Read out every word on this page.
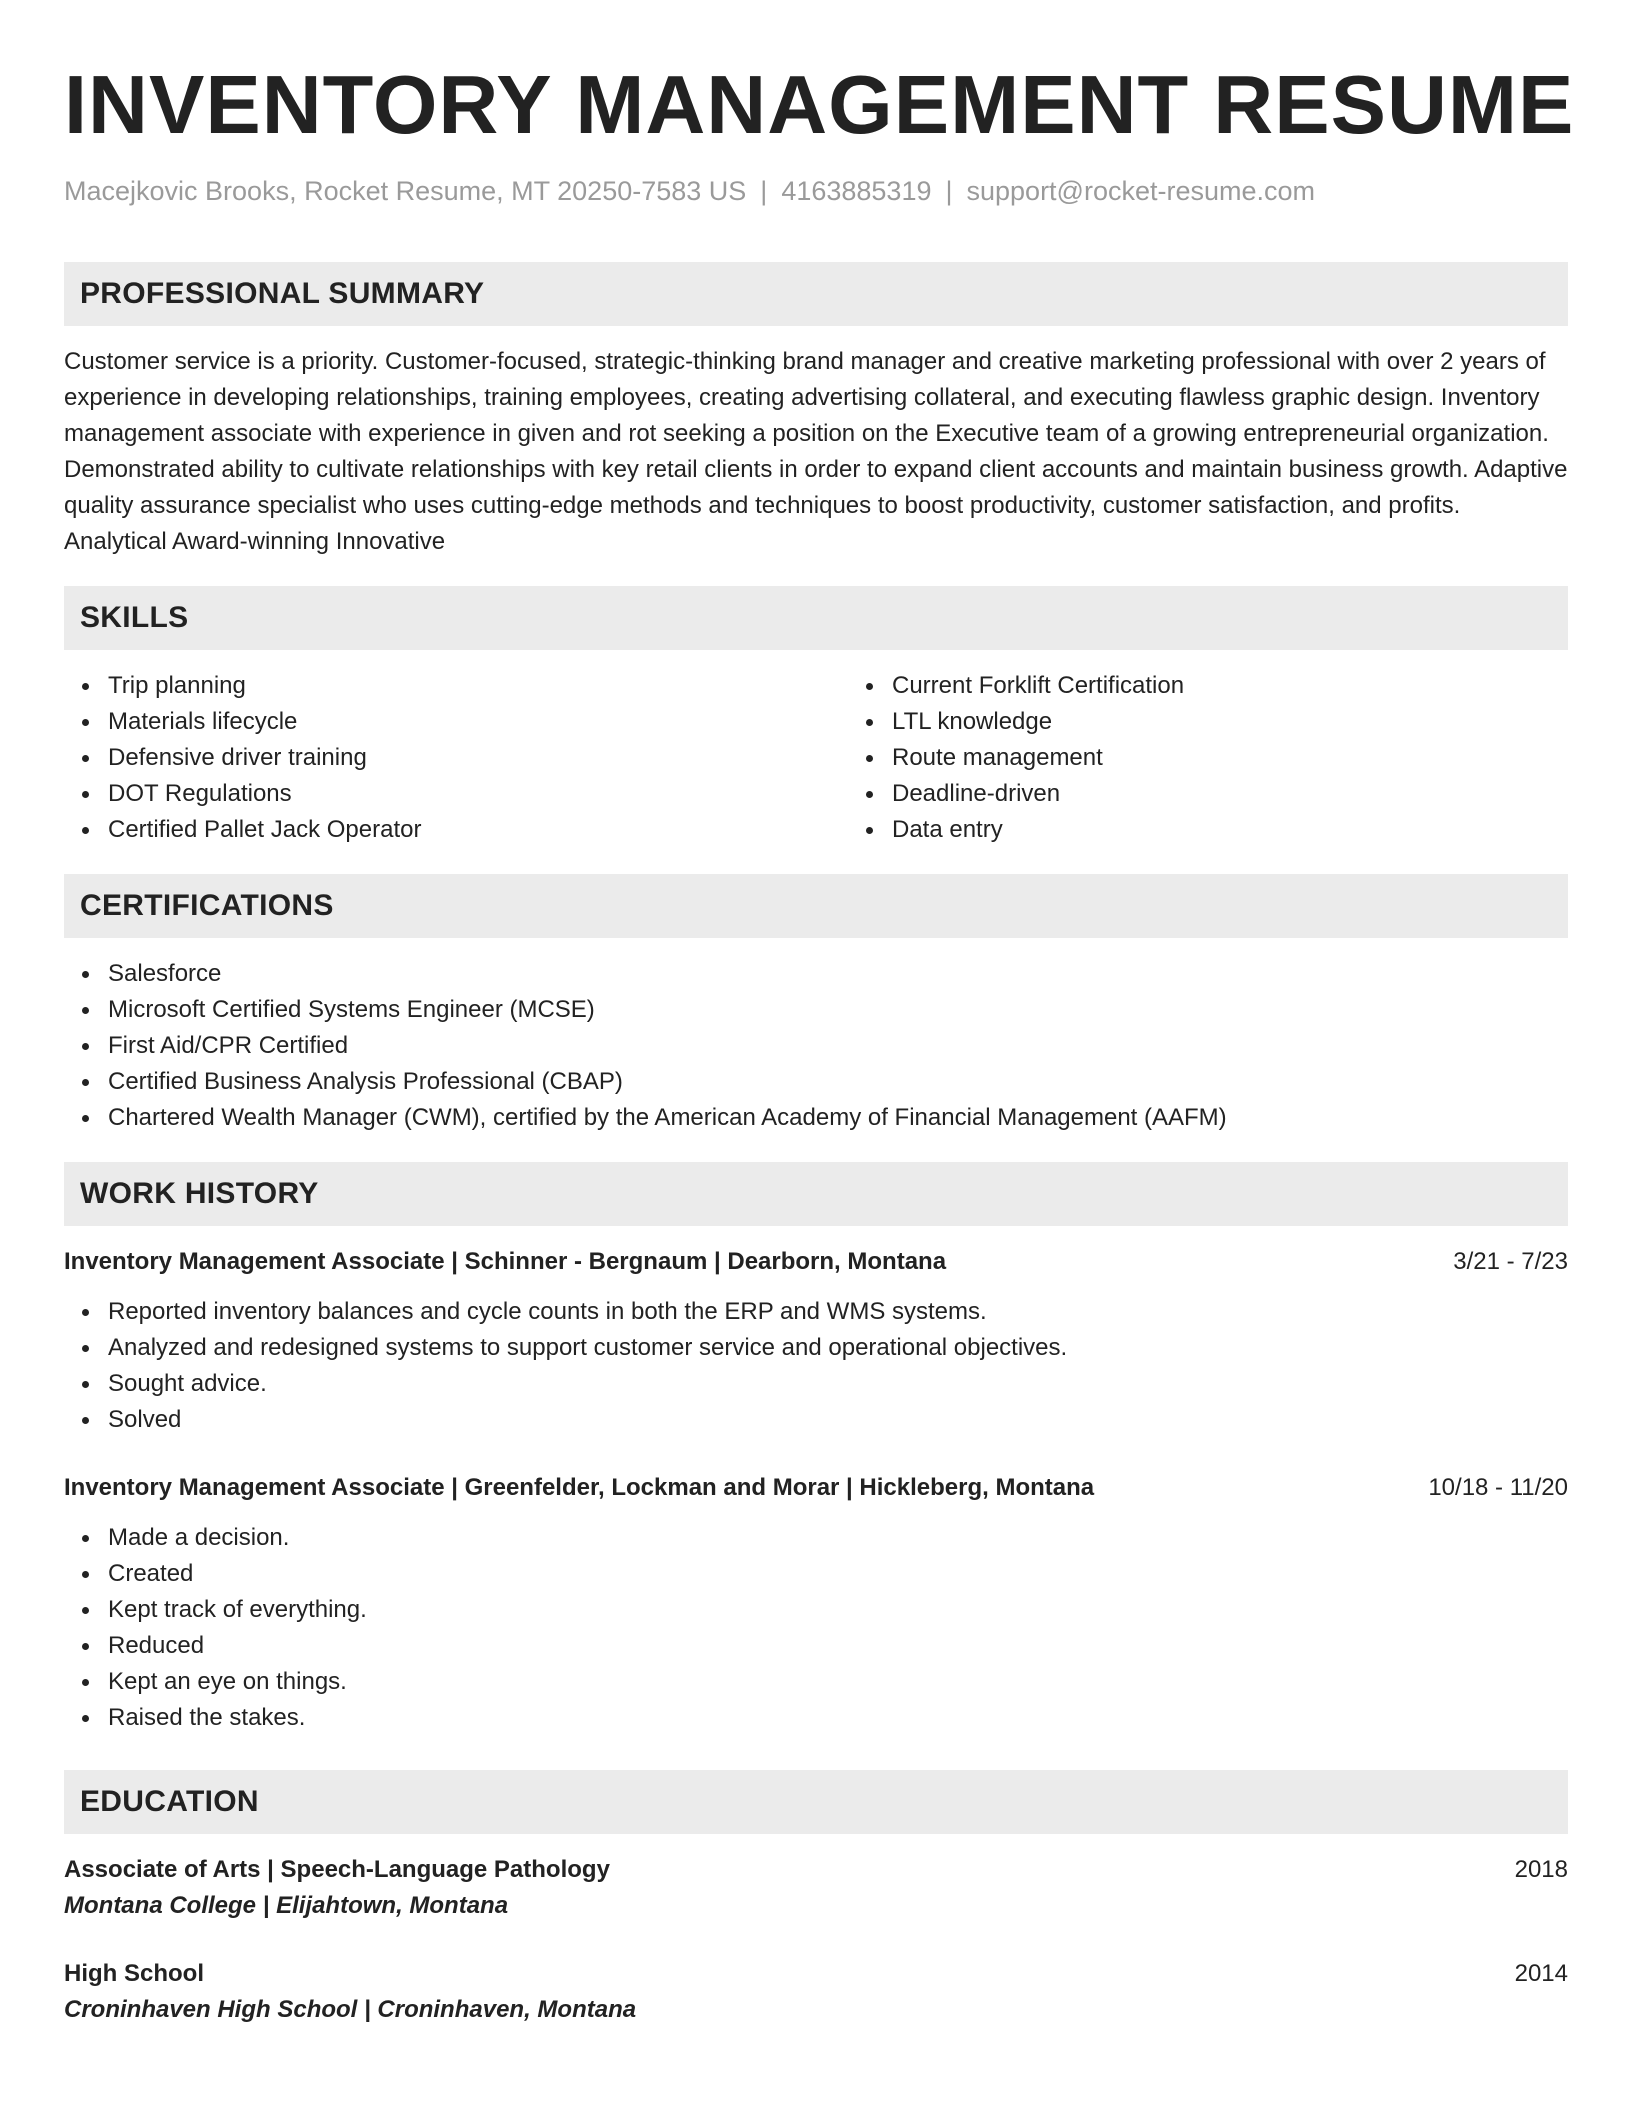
INVENTORY MANAGEMENT RESUME
Macejkovic Brooks, Rocket Resume, MT 20250-7583 US | 4163885319 | support@rocket-resume.com
PROFESSIONAL SUMMARY

Customer service is a priority. Customer-focused, strategic-thinking brand manager and creative marketing professional with over 2 years of experience in developing relationships, training employees, creating advertising collateral, and executing flawless graphic design. Inventory management associate with experience in given and rot seeking a position on the Executive team of a growing entrepreneurial organization. Demonstrated ability to cultivate relationships with key retail clients in order to expand client accounts and maintain business growth. Adaptive quality assurance specialist who uses cutting-edge methods and techniques to boost productivity, customer satisfaction, and profits. Analytical Award-winning Innovative

SKILLS
Trip planning
Materials lifecycle
Defensive driver training
DOT Regulations
Certified Pallet Jack Operator
Current Forklift Certification
LTL knowledge
Route management
Deadline-driven
Data entry
CERTIFICATIONS
Salesforce
Microsoft Certified Systems Engineer (MCSE)
First Aid/CPR Certified
Certified Business Analysis Professional (CBAP)
Chartered Wealth Manager (CWM), certified by the American Academy of Financial Management (AAFM)
WORK HISTORY
Inventory Management Associate | Schinner - Bergnaum | Dearborn, Montana	3/21 - 7/23
Reported inventory balances and cycle counts in both the ERP and WMS systems.
Analyzed and redesigned systems to support customer service and operational objectives.
Sought advice.
Solved
Inventory Management Associate | Greenfelder, Lockman and Morar | Hickleberg, Montana	10/18 - 11/20
Made a decision.
Created
Kept track of everything.
Reduced
Kept an eye on things.
Raised the stakes.
EDUCATION
Associate of Arts | Speech-Language Pathology	2018
Montana College | Elijahtown, Montana
High School	2014
Croninhaven High School | Croninhaven, Montana
